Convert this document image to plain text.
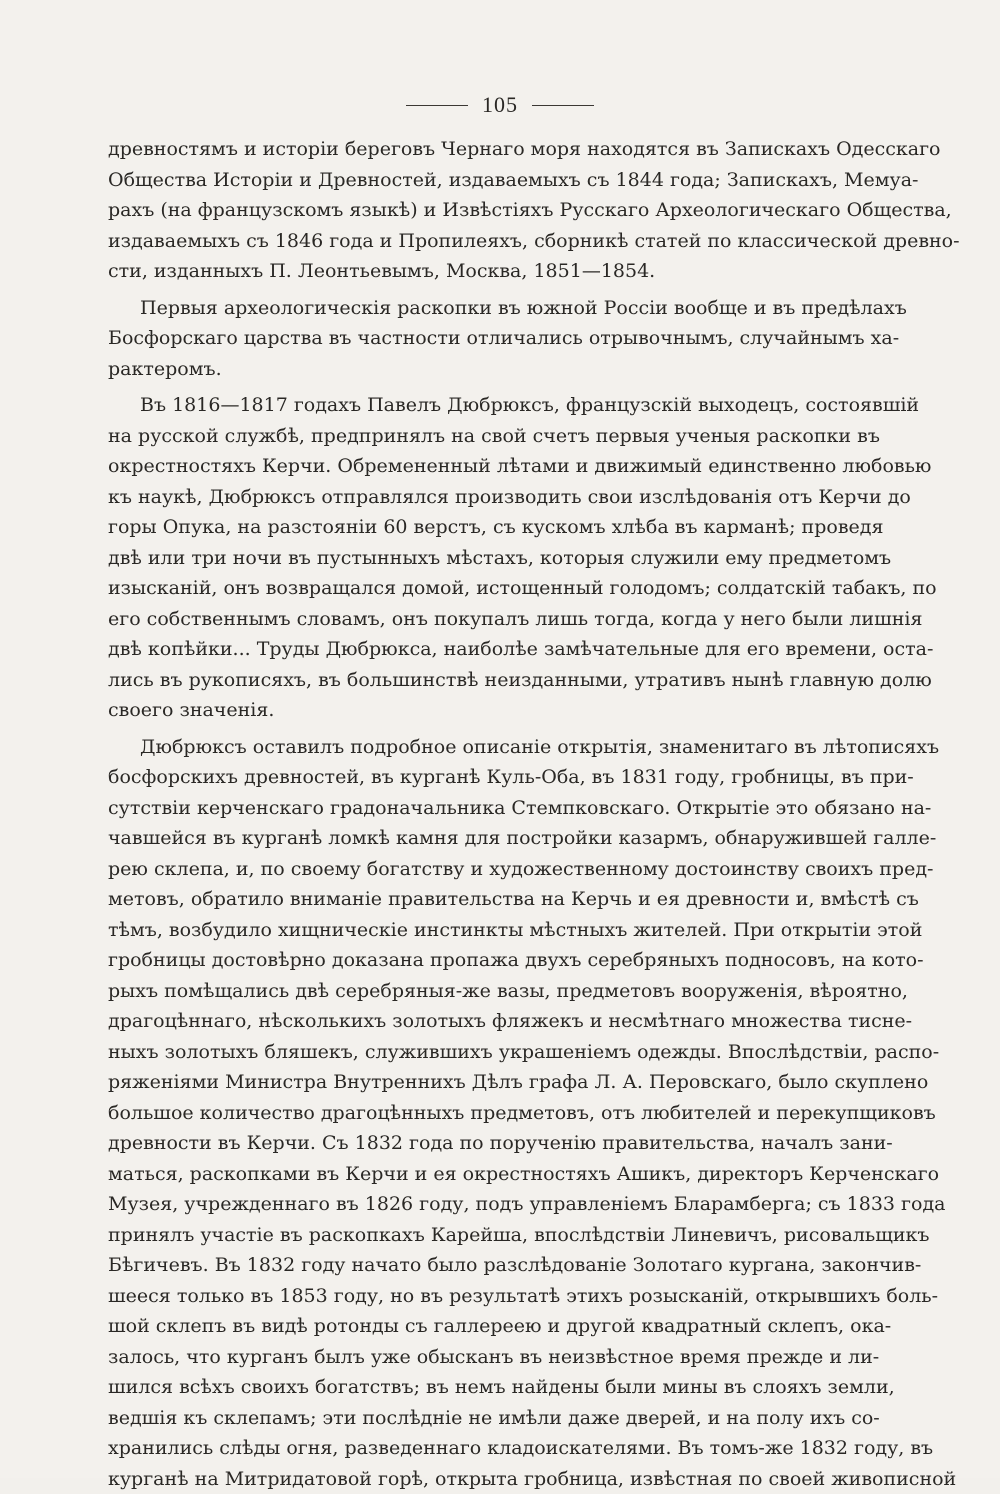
105
древностямъ и исторіи береговъ Чернаго моря находятся въ Запискахъ Одесскаго
Общества Исторіи и Древностей, издаваемыхъ съ 1844 года; Запискахъ, Мемуа-
рахъ (на французскомъ языкѣ) и Извѣстіяхъ Русскаго Археологическаго Общества,
издаваемыхъ съ 1846 года и Пропилеяхъ, сборникѣ статей по классической древно-
сти, изданныхъ П. Леонтьевымъ, Москва, 1851—1854.
Первыя археологическія раскопки въ южной Россіи вообще и въ предѣлахъ
Босфорскаго царства въ частности отличались отрывочнымъ, случайнымъ ха-
рактеромъ.
Въ 1816—1817 годахъ Павелъ Дюбрюксъ, французскій выходецъ, состоявшій
на русской службѣ, предпринялъ на свой счетъ первыя ученыя раскопки въ
окрестностяхъ Керчи. Обремененный лѣтами и движимый единственно любовью
къ наукѣ, Дюбрюксъ отправлялся производить свои изслѣдованія отъ Керчи до
горы Опука, на разстояніи 60 верстъ, съ кускомъ хлѣба въ карманѣ; проведя
двѣ или три ночи въ пустынныхъ мѣстахъ, которыя служили ему предметомъ
изысканій, онъ возвращался домой, истощенный голодомъ; солдатскій табакъ, по
его собственнымъ словамъ, онъ покупалъ лишь тогда, когда у него были лишнія
двѣ копѣйки... Труды Дюбрюкса, наиболѣе замѣчательные для его времени, оста-
лись въ рукописяхъ, въ большинствѣ неизданными, утративъ нынѣ главную долю
своего значенія.
Дюбрюксъ оставилъ подробное описаніе открытія, знаменитаго въ лѣтописяхъ
босфорскихъ древностей, въ курганѣ Куль-Оба, въ 1831 году, гробницы, въ при-
сутствіи керченскаго градоначальника Стемпковскаго. Открытіе это обязано на-
чавшейся въ курганѣ ломкѣ камня для постройки казармъ, обнаружившей галле-
рею склепа, и, по своему богатству и художественному достоинству своихъ пред-
метовъ, обратило вниманіе правительства на Керчь и ея древности и, вмѣстѣ съ
тѣмъ, возбудило хищническіе инстинкты мѣстныхъ жителей. При открытіи этой
гробницы достовѣрно доказана пропажа двухъ серебряныхъ подносовъ, на кото-
рыхъ помѣщались двѣ серебряныя-же вазы, предметовъ вооруженія, вѣроятно,
драгоцѣннаго, нѣсколькихъ золотыхъ фляжекъ и несмѣтнаго множества тисне-
ныхъ золотыхъ бляшекъ, служившихъ украшеніемъ одежды. Впослѣдствіи, распо-
ряженіями Министра Внутреннихъ Дѣлъ графа Л. А. Перовскаго, было скуплено
большое количество драгоцѣнныхъ предметовъ, отъ любителей и перекупщиковъ
древности въ Керчи. Съ 1832 года по порученію правительства, началъ зани-
маться, раскопками въ Керчи и ея окрестностяхъ Ашикъ, директоръ Керченскаго
Музея, учрежденнаго въ 1826 году, подъ управленіемъ Бларамберга; съ 1833 года
принялъ участіе въ раскопкахъ Карейша, впослѣдствіи Линевичъ, рисовальщикъ
Бѣгичевъ. Въ 1832 году начато было разслѣдованіе Золотаго кургана, закончив-
шееся только въ 1853 году, но въ результатѣ этихъ розысканій, открывшихъ боль-
шой склепъ въ видѣ ротонды съ галлереею и другой квадратный склепъ, ока-
залось, что курганъ былъ уже обысканъ въ неизвѣстное время прежде и ли-
шился всѣхъ своихъ богатствъ; въ немъ найдены были мины въ слояхъ земли,
ведшія къ склепамъ; эти послѣдніе не имѣли даже дверей, и на полу ихъ со-
хранились слѣды огня, разведеннаго кладоискателями. Въ томъ-же 1832 году, въ
курганѣ на Митридатовой горѣ, открыта гробница, извѣстная по своей живописной
